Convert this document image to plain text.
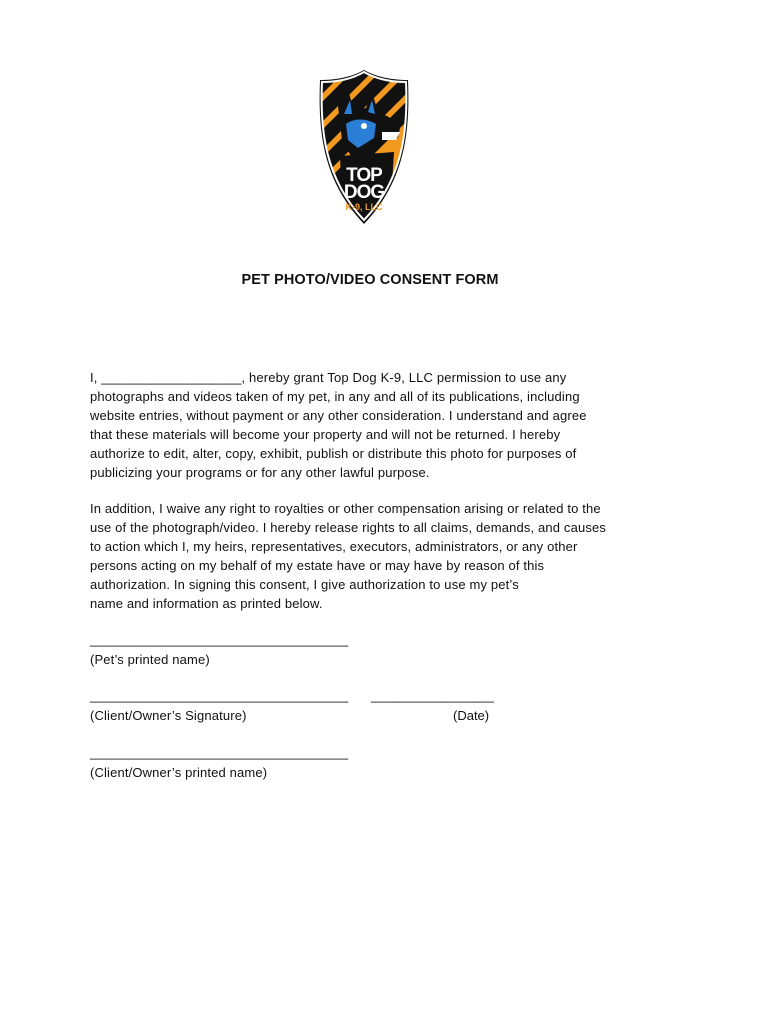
TOP
DOG
K-9, LLC
PET PHOTO/VIDEO CONSENT FORM
I, ___________________, hereby grant Top Dog K-9, LLC permission to use any
photographs and videos taken of my pet, in any and all of its publications, including
website entries, without payment or any other consideration. I understand and agree
that these materials will become your property and will not be returned. I hereby
authorize to edit, alter, copy, exhibit, publish or distribute this photo for purposes of
publicizing your programs or for any other lawful purpose.
In addition, I waive any right to royalties or other compensation arising or related to the
use of the photograph/video. I hereby release rights to all claims, demands, and causes
to action which I, my heirs, representatives, executors, administrators, or any other
persons acting on my behalf of my estate have or may have by reason of this
authorization. In signing this consent, I give authorization to use my pet’s
name and information as printed below.
___________________________________
(Pet’s printed name)
___________________________________ _________________
(Client/Owner’s Signature)	(Date)
___________________________________
(Client/Owner’s printed name)
